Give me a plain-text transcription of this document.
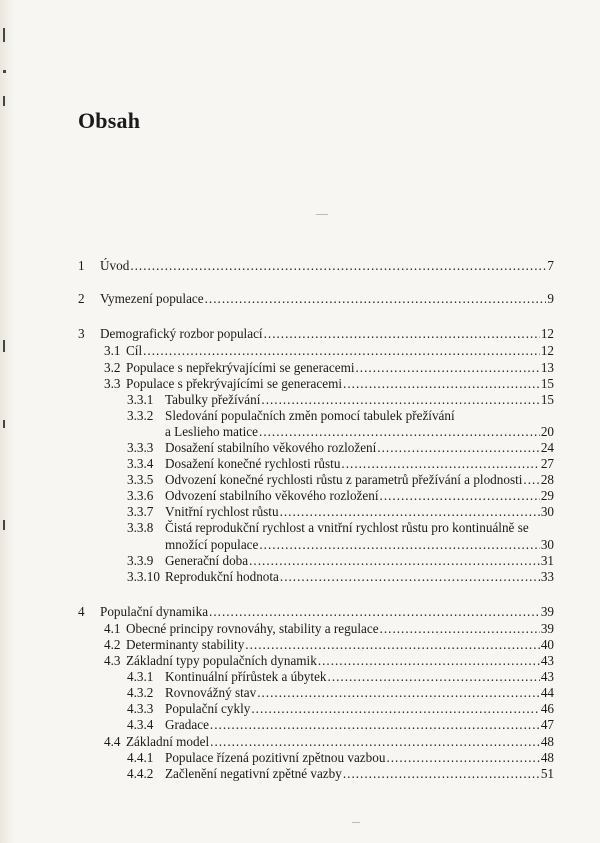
Obsah
1 Úvod .....	7
2 Vymezení populace .....	9
3 Demografický rozbor populací .....	12
3.1 Cíl .....	12
3.2 Populace s nepřekrývajícími se generacemi .....	13
3.3 Populace s překrývajícími se generacemi .....	15
3.3.1 Tabulky přežívání .....	15
3.3.2 Sledování populačních změn pomocí tabulek přežívání
a Leslieho matice .....	20
3.3.3 Dosažení stabilního věkového rozložení .....	24
3.3.4 Dosažení konečné rychlosti růstu .....	27
3.3.5 Odvození konečné rychlosti růstu z parametrů přežívání a plodnosti ..... 28
3.3.6 Odvození stabilního věkového rozložení .....	29
3.3.7 Vnitřní rychlost růstu .....	30
3.3.8 Čistá reprodukční rychlost a vnitřní rychlost růstu pro kontinuálně se
množící populace .....	30
3.3.9 Generační doba .....	31
3.3.10 Reprodukční hodnota .....	33
4 Populační dynamika .....	39
4.1 Obecné principy rovnováhy, stability a regulace .....	39
4.2 Determinanty stability .....	40
4.3 Základní typy populačních dynamik .....	43
4.3.1 Kontinuální přírůstek a úbytek .....	43
4.3.2 Rovnovážný stav .....	44
4.3.3 Populační cykly .....	46
4.3.4 Gradace .....	47
4.4 Základní model .....	48
4.4.1 Populace řízená pozitivní zpětnou vazbou .....	48
4.4.2 Začlenění negativní zpětné vazby .....	51
